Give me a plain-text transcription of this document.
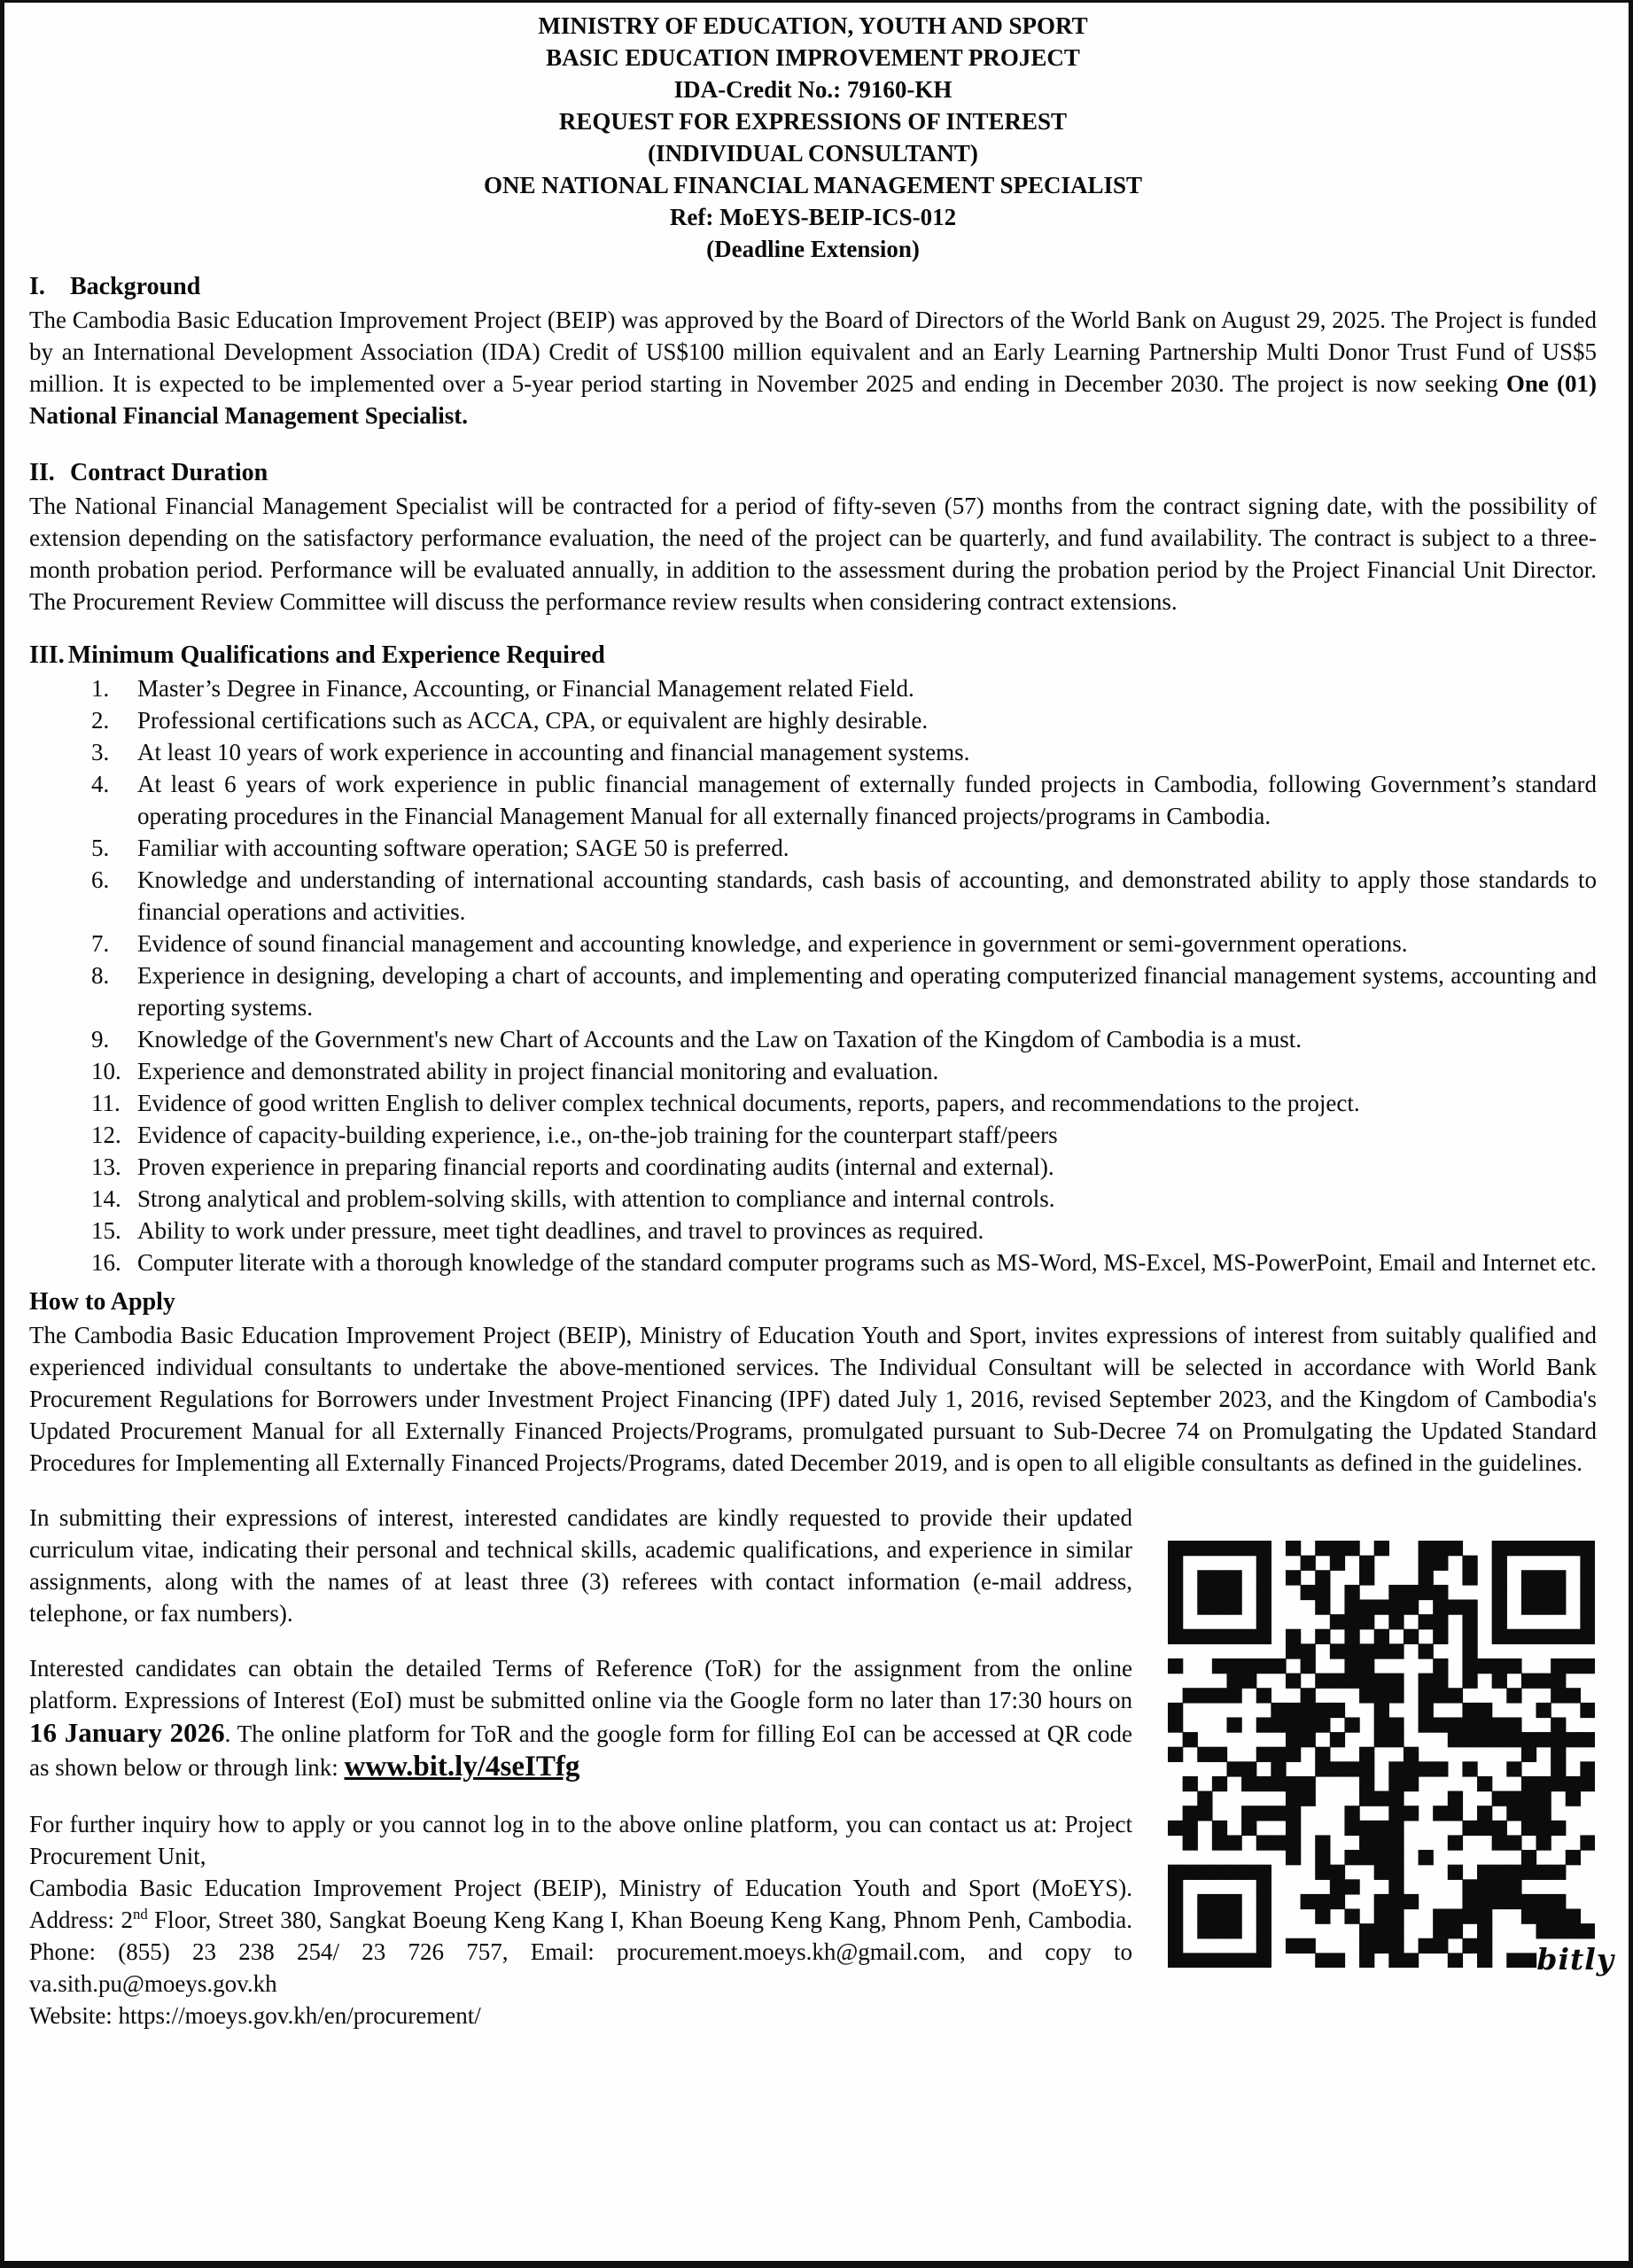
MINISTRY OF EDUCATION, YOUTH AND SPORT
BASIC EDUCATION IMPROVEMENT PROJECT
IDA-Credit No.: 79160-KH
REQUEST FOR EXPRESSIONS OF INTEREST
(INDIVIDUAL CONSULTANT)
ONE NATIONAL FINANCIAL MANAGEMENT SPECIALIST
Ref: MoEYS-BEIP-ICS-012
(Deadline Extension)
I.	Background

The Cambodia Basic Education Improvement Project (BEIP) was approved by the Board of Directors of the World Bank on August 29, 2025. The Project is funded by an International Development Association (IDA) Credit of US$100 million equivalent and an Early Learning Partnership Multi Donor Trust Fund of US$5 million. It is expected to be implemented over a 5-year period starting in November 2025 and ending in December 2030. The project is now seeking One (01) National Financial Management Specialist.

II. Contract Duration

The National Financial Management Specialist will be contracted for a period of fifty-seven (57) months from the contract signing date, with the possibility of extension depending on the satisfactory performance evaluation, the need of the project can be quarterly, and fund availability. The contract is subject to a three-month probation period. Performance will be evaluated annually, in addition to the assessment during the probation period by the Project Financial Unit Director. The Procurement Review Committee will discuss the performance review results when considering contract extensions.

III. Minimum Qualifications and Experience Required
1.	Master’s Degree in Finance, Accounting, or Financial Management related Field.
2.	Professional certifications such as ACCA, CPA, or equivalent are highly desirable.
3.	At least 10 years of work experience in accounting and financial management systems.
4.	At least 6 years of work experience in public financial management of externally funded projects in Cambodia, following Government’s standard operating procedures in the Financial Management Manual for all externally financed projects/programs in Cambodia.
5.	Familiar with accounting software operation; SAGE 50 is preferred.
6.	Knowledge and understanding of international accounting standards, cash basis of accounting, and demonstrated ability to apply those standards to financial operations and activities.
7.	Evidence of sound financial management and accounting knowledge, and experience in government or semi-government operations.
8.	Experience in designing, developing a chart of accounts, and implementing and operating computerized financial management systems, accounting and reporting systems.
9.	Knowledge of the Government's new Chart of Accounts and the Law on Taxation of the Kingdom of Cambodia is a must.
10. Experience and demonstrated ability in project financial monitoring and evaluation.
11. Evidence of good written English to deliver complex technical documents, reports, papers, and recommendations to the project.
12. Evidence of capacity-building experience, i.e., on-the-job training for the counterpart staff/peers
13. Proven experience in preparing financial reports and coordinating audits (internal and external).
14. Strong analytical and problem-solving skills, with attention to compliance and internal controls.
15. Ability to work under pressure, meet tight deadlines, and travel to provinces as required.
16. Computer literate with a thorough knowledge of the standard computer programs such as MS-Word, MS-Excel, MS-PowerPoint, Email and Internet etc.
How to Apply

The Cambodia Basic Education Improvement Project (BEIP), Ministry of Education Youth and Sport, invites expressions of interest from suitably qualified and experienced individual consultants to undertake the above-mentioned services. The Individual Consultant will be selected in accordance with World Bank Procurement Regulations for Borrowers under Investment Project Financing (IPF) dated July 1, 2016, revised September 2023, and the Kingdom of Cambodia's Updated Procurement Manual for all Externally Financed Projects/Programs, promulgated pursuant to Sub-Decree 74 on Promulgating the Updated Standard Procedures for Implementing all Externally Financed Projects/Programs, dated December 2019, and is open to all eligible consultants as defined in the guidelines.

In submitting their expressions of interest, interested candidates are kindly requested to provide their updated curriculum vitae, indicating their personal and technical skills, academic qualifications, and experience in similar assignments, along with the names of at least three (3) referees with contact information (e-mail address, telephone, or fax numbers).

Interested candidates can obtain the detailed Terms of Reference (ToR) for the assignment from the online platform. Expressions of Interest (EoI) must be submitted online via the Google form no later than 17:30 hours on 16 January 2026. The online platform for ToR and the google form for filling EoI can be accessed at QR code as shown below or through link: www.bit.ly/4seITfg

For further inquiry how to apply or you cannot log in to the above online platform, you can contact us at: Project Procurement Unit,

Cambodia Basic Education Improvement Project (BEIP), Ministry of Education Youth and Sport (MoEYS). Address: 2nd Floor, Street 380, Sangkat Boeung Keng Kang I, Khan Boeung Keng Kang, Phnom Penh, Cambodia. Phone: (855) 23 238 254/ 23 726 757, Email: procurement.moeys.kh@gmail.com, and copy to va.sith.pu@moeys.gov.kh

Website: https://moeys.gov.kh/en/procurement/

bitly
